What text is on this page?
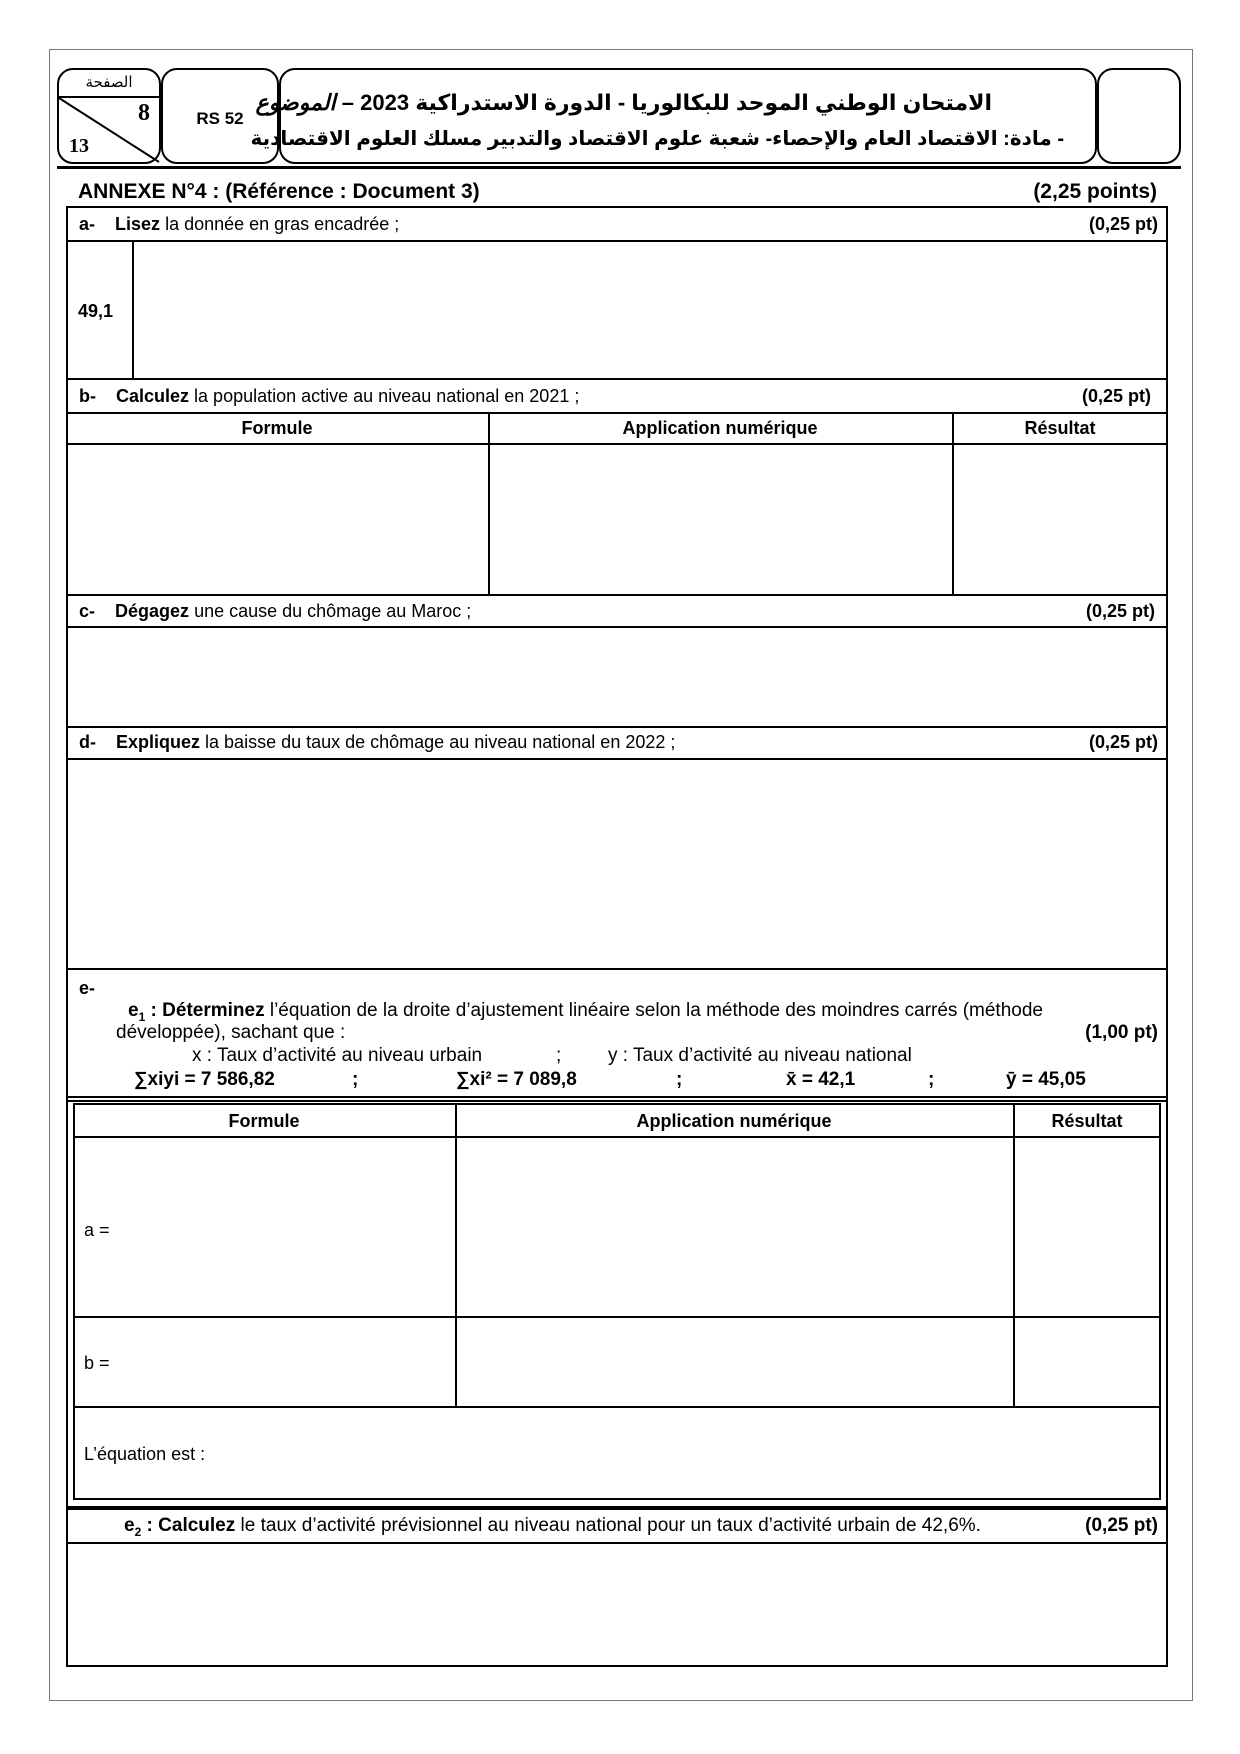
الصفحة
8
13
RS 52
الامتحان الوطني الموحد للبكالوريا - الدورة الاستدراكية 2023 – الموضوع
- مادة: الاقتصاد العام والإحصاء- شعبة علوم الاقتصاد والتدبير مسلك العلوم الاقتصادية
ANNEXE N°4 : (Référence : Document 3)	(2,25 points)
a- Lisez la donnée en gras encadrée ;	(0,25 pt)
49,1
b- Calculez la population active au niveau national en 2021 ;	(0,25 pt)
Formule	Application numérique	Résultat
c- Dégagez une cause du chômage au Maroc ;	(0,25 pt)
d- Expliquez la baisse du taux de chômage au niveau national en 2022 ;	(0,25 pt)
e-
$e_1$ : Déterminez l’équation de la droite d’ajustement linéaire selon la méthode des moindres carrés (méthode
développée), sachant que :	(1,00 pt)
x : Taux d’activité au niveau urbain	; y : Taux d’activité au niveau national
∑xiyi = 7 586,82	;	∑xi² = 7 089,8	;	x̄ = 42,1	;	ȳ = 45,05
Formule	Application numérique	Résultat
a =
b =
L’équation est :
$e_2$ : Calculez le taux d’activité prévisionnel au niveau national pour un taux d’activité urbain de 42,6%.	(0,25 pt)
